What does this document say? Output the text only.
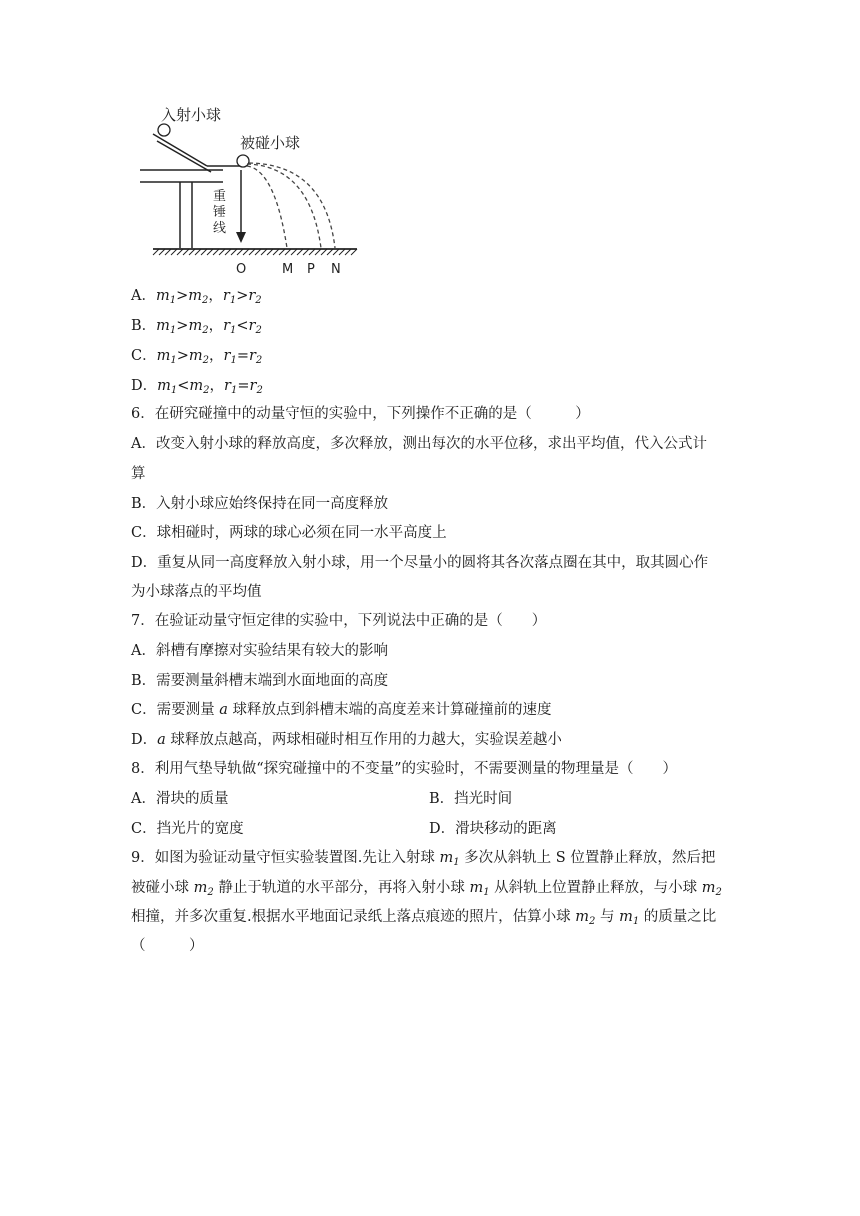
入射小球
被碰小球
重
锤
线
O	M P N
A．$m_1>m_2$，$r_1>r_2$
B．$m_1>m_2$，$r_1<r_2$
C．$m_1>m_2$，$r_1=r_2$
D．$m_1<m_2$，$r_1=r_2$
6．在研究碰撞中的动量守恒的实验中，下列操作不正确的是（　　　）
A．改变入射小球的释放高度，多次释放，测出每次的水平位移，求出平均值，代入公式计
算
B．入射小球应始终保持在同一高度释放
C．球相碰时，两球的球心必须在同一水平高度上
D．重复从同一高度释放入射小球，用一个尽量小的圆将其各次落点圈在其中，取其圆心作
为小球落点的平均值
7．在验证动量守恒定律的实验中，下列说法中正确的是（　　）
A．斜槽有摩擦对实验结果有较大的影响
B．需要测量斜槽末端到水面地面的高度
C．需要测量 a 球释放点到斜槽末端的高度差来计算碰撞前的速度
D．a 球释放点越高，两球相碰时相互作用的力越大，实验误差越小
8．利用气垫导轨做“探究碰撞中的不变量”的实验时，不需要测量的物理量是（　　）
A．滑块的质量	B．挡光时间
C．挡光片的宽度	D．滑块移动的距离
9．如图为验证动量守恒实验装置图.先让入射球 $m_1$ 多次从斜轨上 S 位置静止释放，然后把
被碰小球 $m_2$ 静止于轨道的水平部分，再将入射小球 $m_1$ 从斜轨上位置静止释放，与小球 $m_2$
相撞，并多次重复.根据水平地面记录纸上落点痕迹的照片，估算小球 $m_2$ 与 $m_1$ 的质量之比
（　　　）
